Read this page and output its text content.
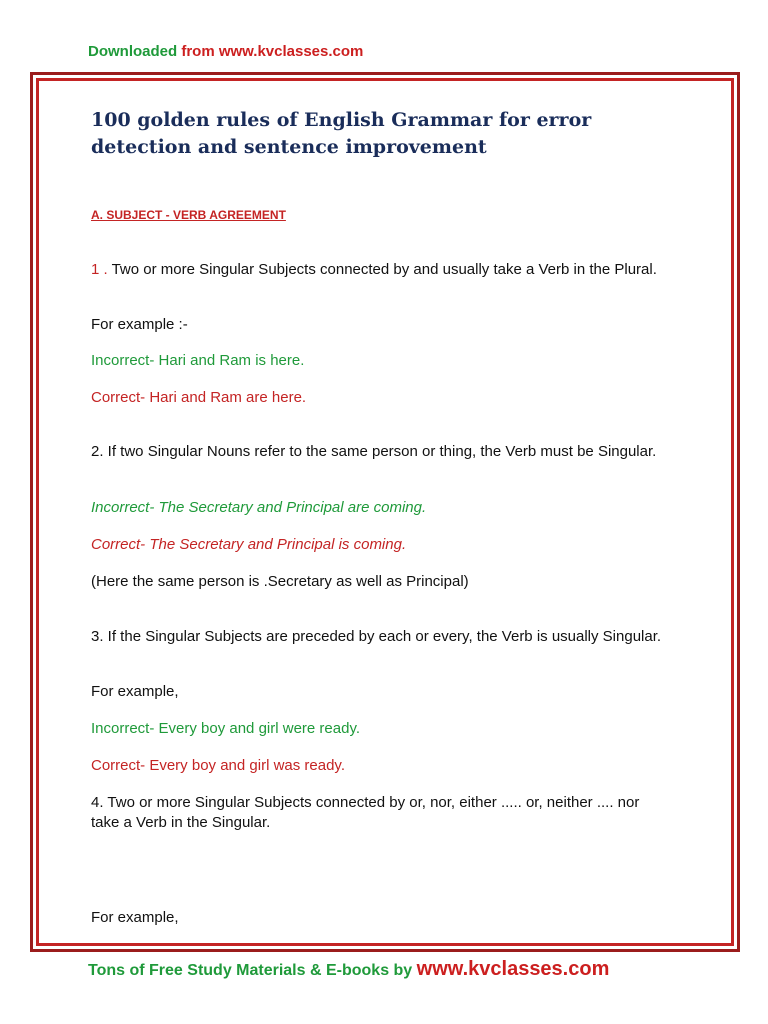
Downloaded from www.kvclasses.com
100 golden rules of English Grammar for error detection and sentence improvement
A. SUBJECT - VERB AGREEMENT
1 . Two or more Singular Subjects connected by and usually take a Verb in the Plural.
For example :-
Incorrect- Hari and Ram is here.
Correct- Hari and Ram are here.
2. If two Singular Nouns refer to the same person or thing, the Verb must be Singular.
Incorrect- The Secretary and Principal are coming.
Correct- The Secretary and Principal is coming.
(Here the same person is .Secretary as well as Principal)
3. If the Singular Subjects are preceded by each or every, the Verb is usually Singular.
For example,
Incorrect- Every boy and girl were ready.
Correct- Every boy and girl was ready.
4. Two or more Singular Subjects connected by or, nor, either ..... or, neither .... nor take a Verb in the Singular.
For example,
Tons of Free Study Materials & E-books by www.kvclasses.com
